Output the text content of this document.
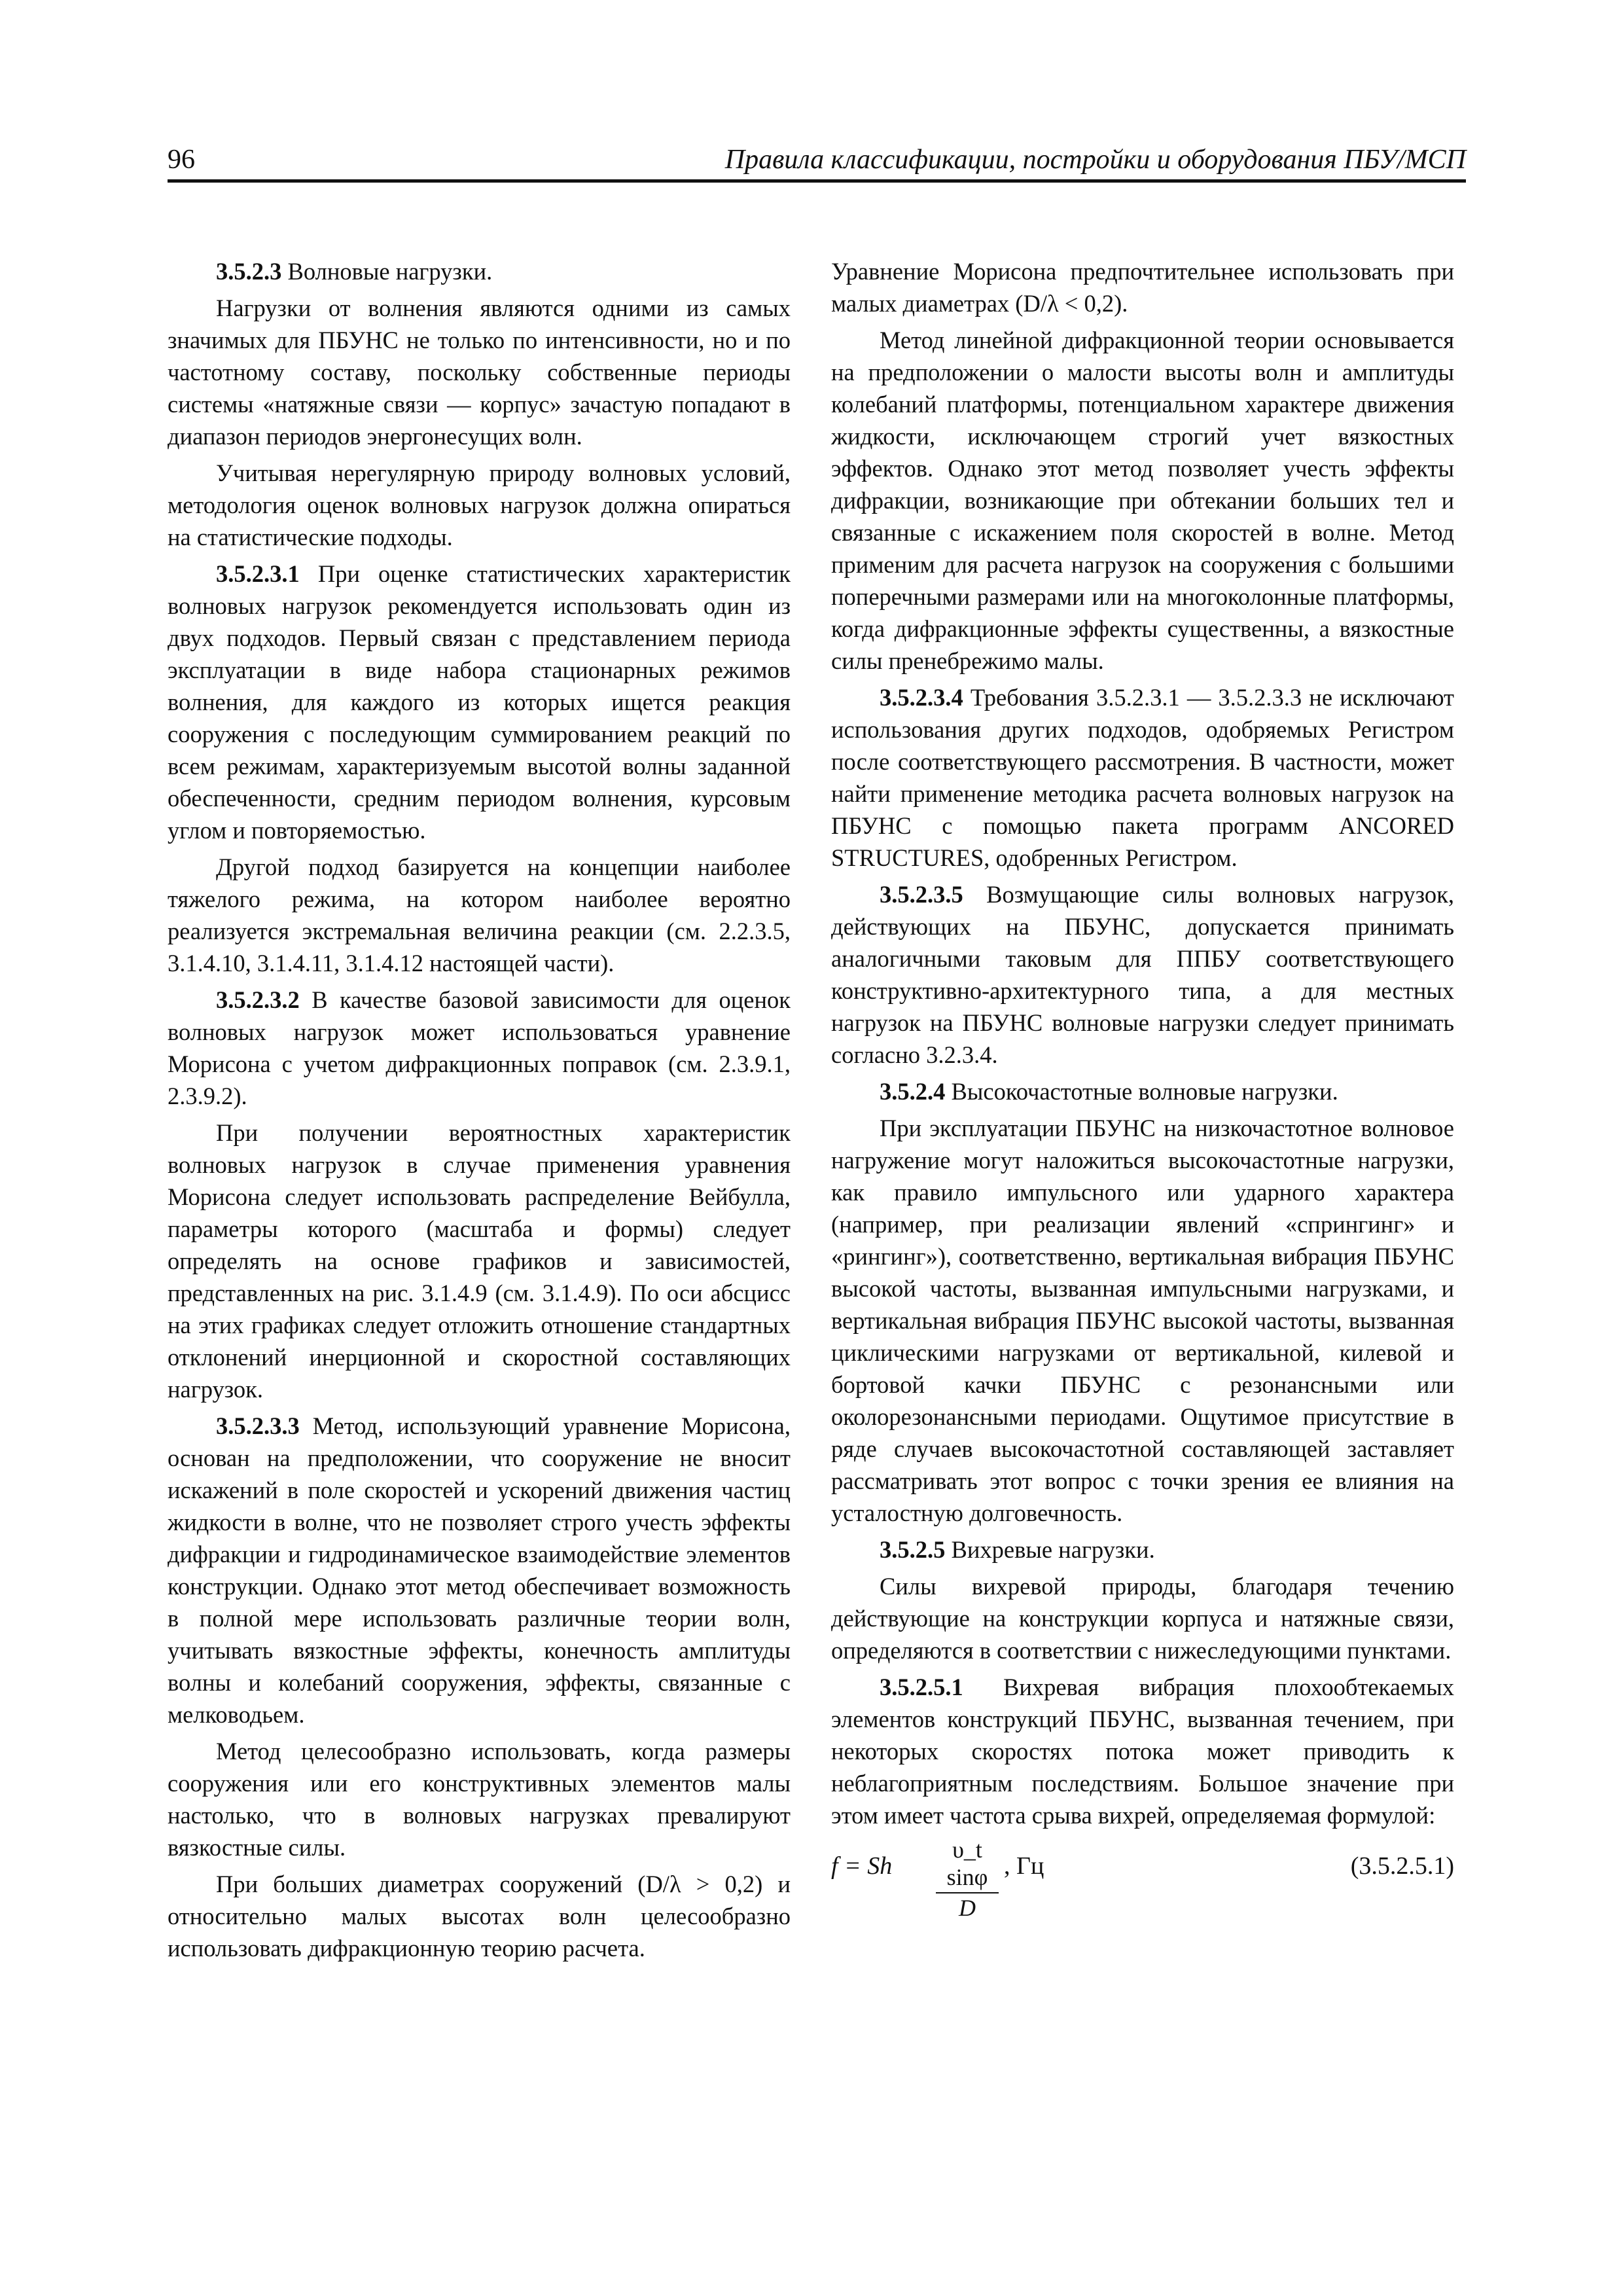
96	Правила классификации, постройки и оборудования ПБУ/МСП

3.5.2.3 Волновые нагрузки.

Нагрузки от волнения являются одними из самых значимых для ПБУНС не только по интенсивности, но и по частотному составу, поскольку собственные периоды системы «натяжные связи — корпус» зачастую попадают в диапазон периодов энергонесущих волн.

Учитывая нерегулярную природу волновых условий, методология оценок волновых нагрузок должна опираться на статистические подходы.

3.5.2.3.1 При оценке статистических характеристик волновых нагрузок рекомендуется использовать один из двух подходов. Первый связан с представлением периода эксплуатации в виде набора стационарных режимов волнения, для каждого из которых ищется реакция сооружения с последующим суммированием реакций по всем режимам, характеризуемым высотой волны заданной обеспеченности, средним периодом волнения, курсовым углом и повторяемостью.

Другой подход базируется на концепции наиболее тяжелого режима, на котором наиболее вероятно реализуется экстремальная величина реакции (см. 2.2.3.5, 3.1.4.10, 3.1.4.11, 3.1.4.12 настоящей части).

3.5.2.3.2 В качестве базовой зависимости для оценок волновых нагрузок может использоваться уравнение Морисона с учетом дифракционных поправок (см. 2.3.9.1, 2.3.9.2).

При получении вероятностных характеристик волновых нагрузок в случае применения уравнения Морисона следует использовать распределение Вейбулла, параметры которого (масштаба и формы) следует определять на основе графиков и зависимостей, представленных на рис. 3.1.4.9 (см. 3.1.4.9). По оси абсцисс на этих графиках следует отложить отношение стандартных отклонений инерционной и скоростной составляющих нагрузок.

3.5.2.3.3 Метод, использующий уравнение Морисона, основан на предположении, что сооружение не вносит искажений в поле скоростей и ускорений движения частиц жидкости в волне, что не позволяет строго учесть эффекты дифракции и гидродинамическое взаимодействие элементов конструкции. Однако этот метод обеспечивает возможность в полной мере использовать различные теории волн, учитывать вязкостные эффекты, конечность амплитуды волны и колебаний сооружения, эффекты, связанные с мелководьем.

Метод целесообразно использовать, когда размеры сооружения или его конструктивных элементов малы настолько, что в волновых нагрузках превалируют вязкостные силы.

При больших диаметрах сооружений (D/λ > 0,2) и относительно малых высотах волн целесообразно использовать дифракционную теорию расчета.

Уравнение Морисона предпочтительнее использовать при малых диаметрах (D/λ < 0,2).

Метод линейной дифракционной теории основывается на предположении о малости высоты волн и амплитуды колебаний платформы, потенциальном характере движения жидкости, исключающем строгий учет вязкостных эффектов. Однако этот метод позволяет учесть эффекты дифракции, возникающие при обтекании больших тел и связанные с искажением поля скоростей в волне. Метод применим для расчета нагрузок на сооружения с большими поперечными размерами или на многоколонные платформы, когда дифракционные эффекты существенны, а вязкостные силы пренебрежимо малы.

3.5.2.3.4 Требования 3.5.2.3.1 — 3.5.2.3.3 не исключают использования других подходов, одобряемых Регистром после соответствующего рассмотрения. В частности, может найти применение методика расчета волновых нагрузок на ПБУНС с помощью пакета программ ANCORED STRUCTURES, одобренных Регистром.

3.5.2.3.5 Возмущающие силы волновых нагрузок, действующих на ПБУНС, допускается принимать аналогичными таковым для ППБУ соответствующего конструктивно-архитектурного типа, а для местных нагрузок на ПБУНС волновые нагрузки следует принимать согласно 3.2.3.4.

3.5.2.4 Высокочастотные волновые нагрузки.

При эксплуатации ПБУНС на низкочастотное волновое нагружение могут наложиться высокочастотные нагрузки, как правило импульсного или ударного характера (например, при реализации явлений «спрингинг» и «рингинг»), соответственно, вертикальная вибрация ПБУНС высокой частоты, вызванная импульсными нагрузками, и вертикальная вибрация ПБУНС высокой частоты, вызванная циклическими нагрузками от вертикальной, килевой и бортовой качки ПБУНС с резонансными или околорезонансными периодами. Ощутимое присутствие в ряде случаев высокочастотной составляющей заставляет рассматривать этот вопрос с точки зрения ее влияния на усталостную долговечность.

3.5.2.5 Вихревые нагрузки.

Силы вихревой природы, благодаря течению действующие на конструкции корпуса и натяжные связи, определяются в соответствии с нижеследующими пунктами.

3.5.2.5.1 Вихревая вибрация плохообтекаемых элементов конструкций ПБУНС, вызванная течением, при некоторых скоростях потока может приводить к неблагоприятным последствиям. Большое значение при этом имеет частота срыва вихрей, определяемая формулой:

f = Sh
υ_t sinφ
D
, Гц	(3.5.2.5.1)
